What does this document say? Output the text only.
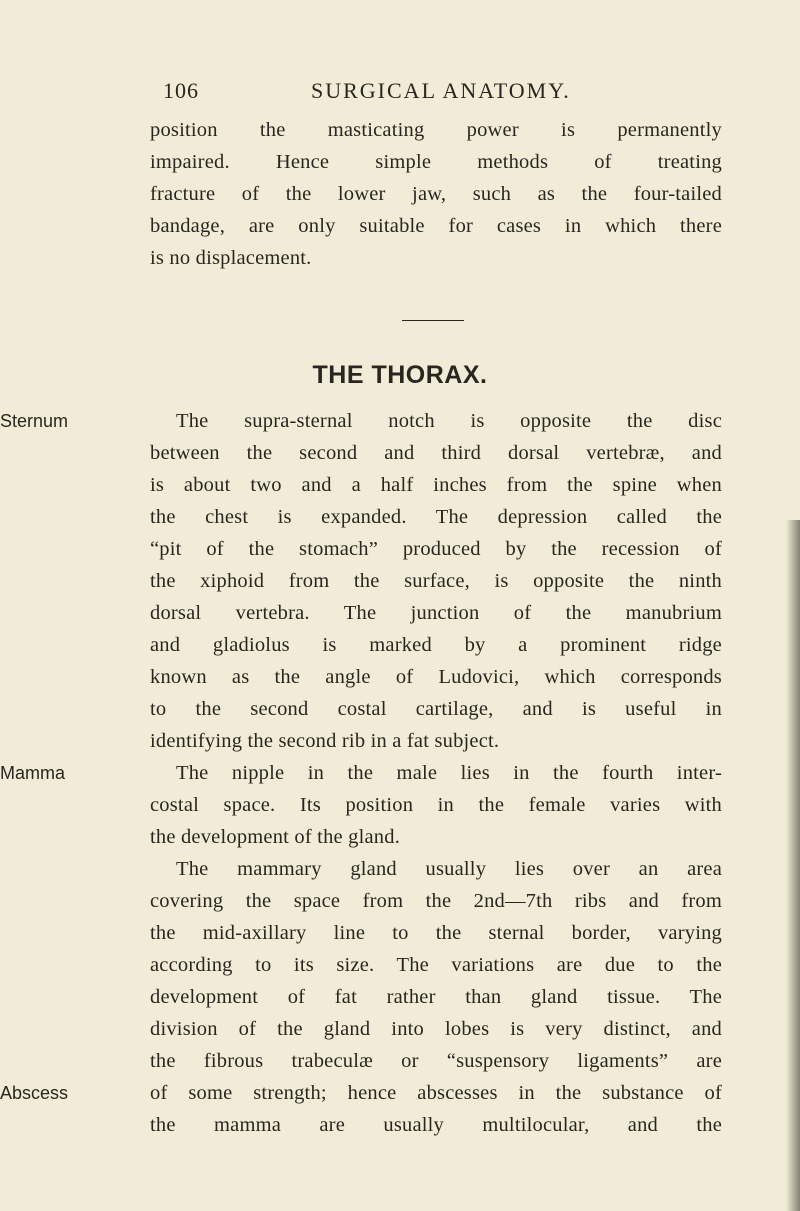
106	SURGICAL ANATOMY.
position the masticating power is permanently
impaired. Hence simple methods of treating
fracture of the lower jaw, such as the four-tailed
bandage, are only suitable for cases in which there
is no displacement.
THE THORAX.
Sternum	The supra-sternal notch is opposite the disc
between the second and third dorsal vertebræ, and
is about two and a half inches from the spine when
the chest is expanded. The depression called the
“pit of the stomach” produced by the recession of
the xiphoid from the surface, is opposite the ninth
dorsal vertebra. The junction of the manubrium
and gladiolus is marked by a prominent ridge
known as the angle of Ludovici, which corresponds
to the second costal cartilage, and is useful in
identifying the second rib in a fat subject.
Mamma	The nipple in the male lies in the fourth inter-
costal space. Its position in the female varies with
the development of the gland.
The mammary gland usually lies over an area
covering the space from the 2nd—7th ribs and from
the mid-axillary line to the sternal border, varying
according to its size. The variations are due to the
development of fat rather than gland tissue. The
division of the gland into lobes is very distinct, and
the fibrous trabeculæ or “suspensory ligaments” are
Abscess	of some strength; hence abscesses in the substance of
the mamma are usually multilocular, and the
